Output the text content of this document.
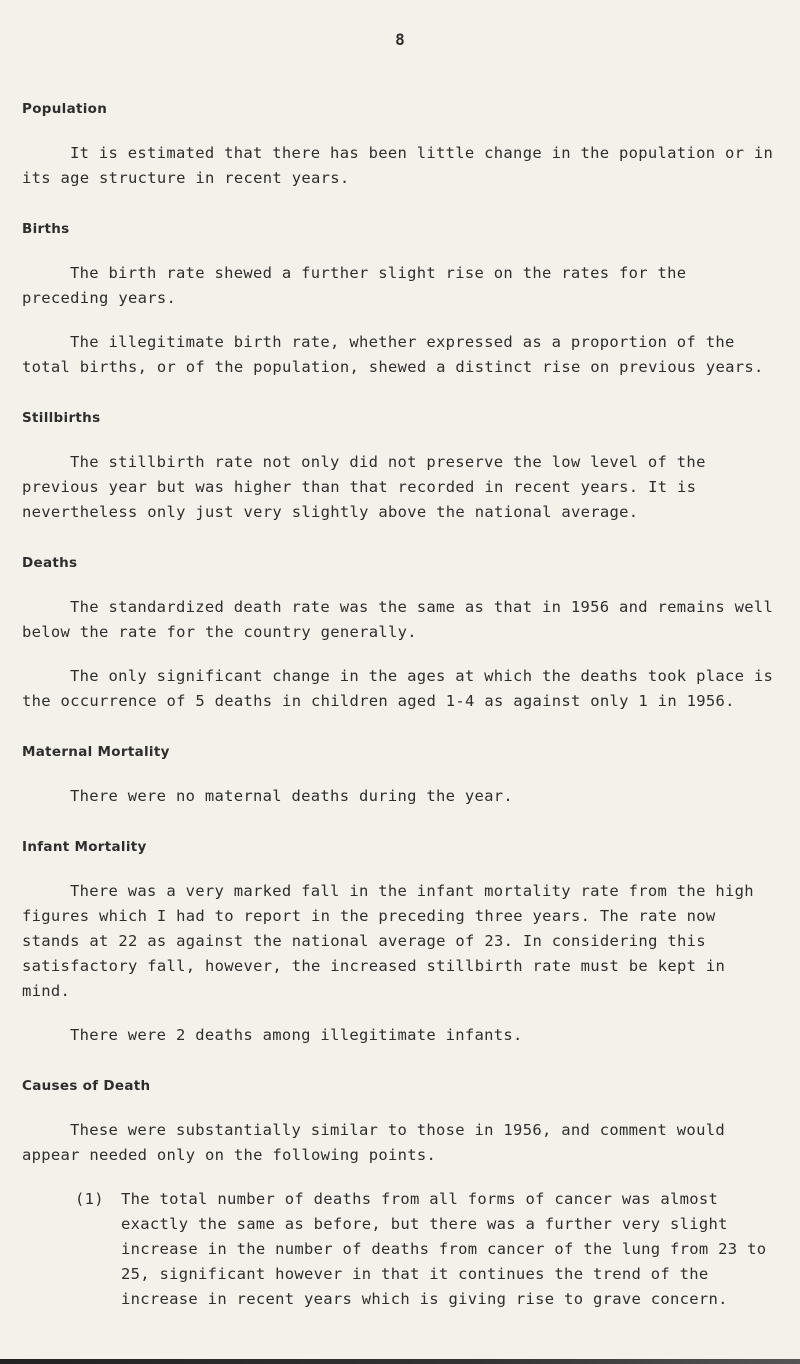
8
Population

It is estimated that there has been little change in the population or in its age structure in recent years.

Births

The birth rate shewed a further slight rise on the rates for the preceding years.

The illegitimate birth rate, whether expressed as a proportion of the total births, or of the population, shewed a distinct rise on previous years.

Stillbirths

The stillbirth rate not only did not preserve the low level of the previous year but was higher than that recorded in recent years. It is nevertheless only just very slightly above the national average.

Deaths

The standardized death rate was the same as that in 1956 and remains well below the rate for the country generally.

The only significant change in the ages at which the deaths took place is the occurrence of 5 deaths in children aged 1-4 as against only 1 in 1956.

Maternal Mortality

There were no maternal deaths during the year.

Infant Mortality

There was a very marked fall in the infant mortality rate from the high figures which I had to report in the preceding three years. The rate now stands at 22 as against the national average of 23. In considering this satisfactory fall, however, the increased stillbirth rate must be kept in mind.

There were 2 deaths among illegitimate infants.

Causes of Death

These were substantially similar to those in 1956, and comment would appear needed only on the following points.

(1)	The total number of deaths from all forms of cancer was almost exactly the same as before, but there was a further very slight increase in the number of deaths from cancer of the lung from 23 to 25, significant however in that it continues the trend of the increase in recent years which is giving rise to grave concern.
